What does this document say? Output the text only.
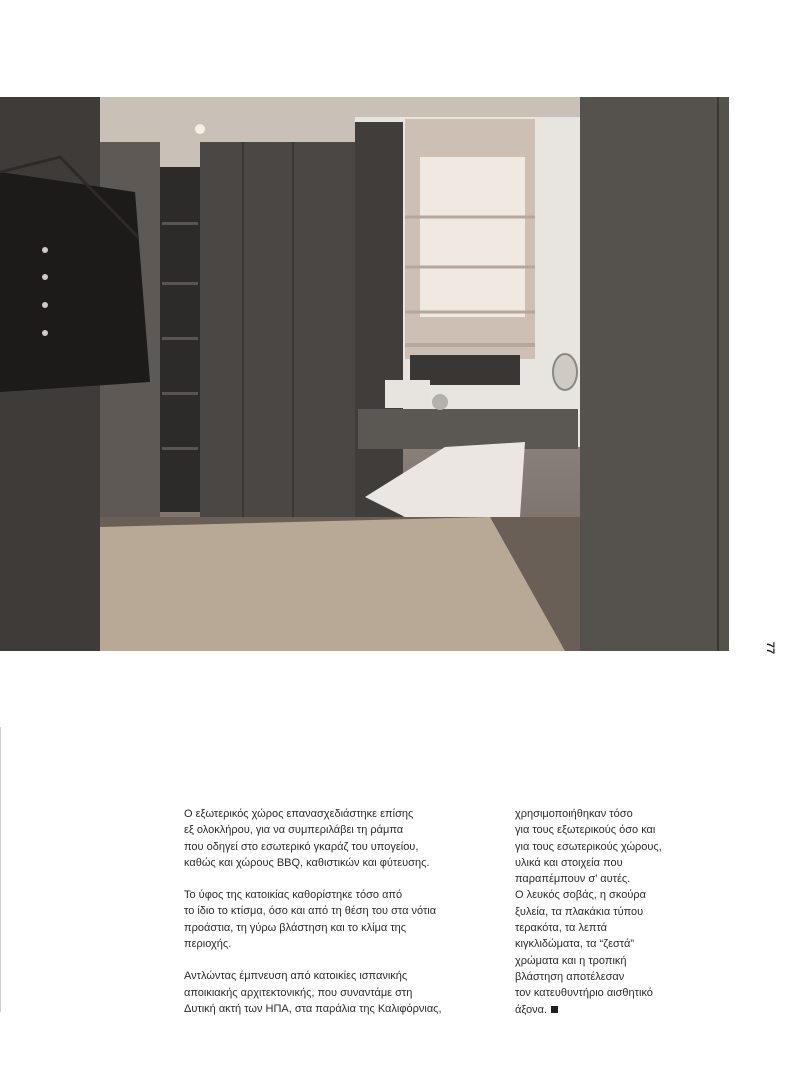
77

Ο εξωτερικός χώρος επανασχεδιάστηκε επίσης
εξ ολοκλήρου, για να συμπεριλάβει τη ράμπα
που οδηγεί στο εσωτερικό γκαράζ του υπογείου,
καθώς και χώρους BBQ, καθιστικών και φύτευσης.

Το ύφος της κατοικίας καθορίστηκε τόσο από
το ίδιο το κτίσμα, όσο και από τη θέση του στα νότια
προάστια, τη γύρω βλάστηση και το κλίμα της
περιοχής.

Αντλώντας έμπνευση από κατοικίες ισπανικής
αποικιακής αρχιτεκτονικής, που συναντάμε στη
Δυτική ακτή των ΗΠΑ, στα παράλια της Καλιφόρνιας,

χρησιμοποιήθηκαν τόσο
για τους εξωτερικούς όσο και
για τους εσωτερικούς χώρους,
υλικά και στοιχεία που
παραπέμπουν σ’ αυτές.
Ο λευκός σοβάς, η σκούρα
ξυλεία, τα πλακάκια τύπου
τερακότα, τα λεπτά
κιγκλιδώματα, τα “ζεστά”
χρώματα και η τροπική
βλάστηση αποτέλεσαν
τον κατευθυντήριο αισθητικό
άξονα.
